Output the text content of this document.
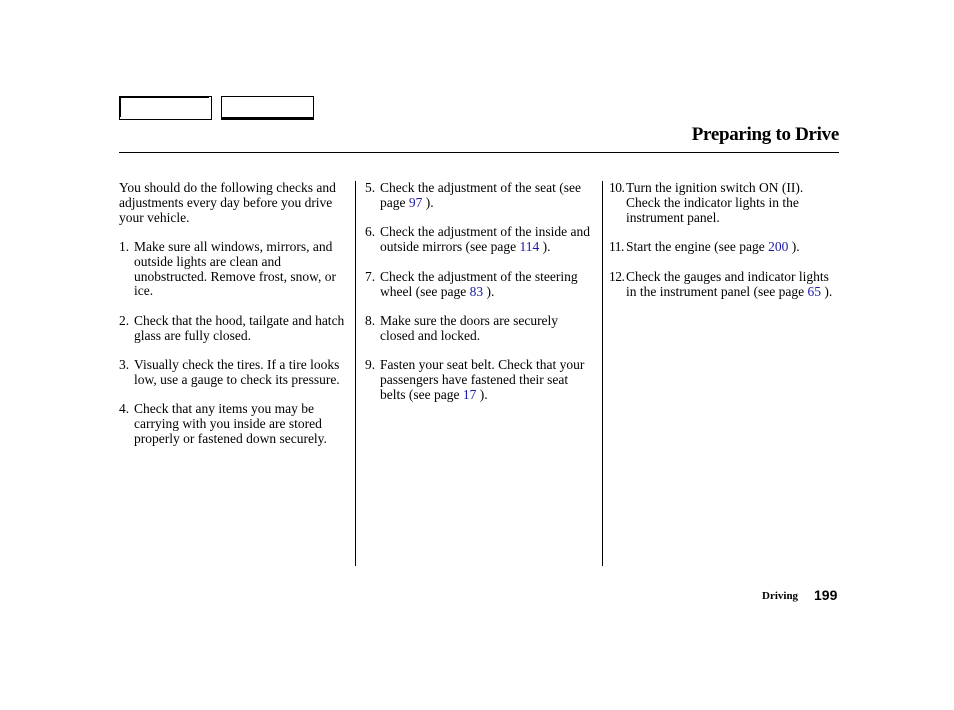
Preparing to Drive

You should do the following checks and adjustments every day before you drive your vehicle.

1. Make sure all windows, mirrors, and outside lights are clean and unobstructed. Remove frost, snow, or ice.
2. Check that the hood, tailgate and hatch glass are fully closed.
3. Visually check the tires. If a tire looks low, use a gauge to check its pressure.
4. Check that any items you may be carrying with you inside are stored properly or fastened down securely.
5. Check the adjustment of the seat (see page 97 ).
6. Check the adjustment of the inside and outside mirrors (see page 114 ).
7. Check the adjustment of the steering wheel (see page 83 ).
8. Make sure the doors are securely closed and locked.
9. Fasten your seat belt. Check that your passengers have fastened their seat belts (see page 17 ).
10. Turn the ignition switch ON (II). Check the indicator lights in the instrument panel.
11. Start the engine (see page 200 ).
12. Check the gauges and indicator lights in the instrument panel (see page 65 ).
Driving 199
